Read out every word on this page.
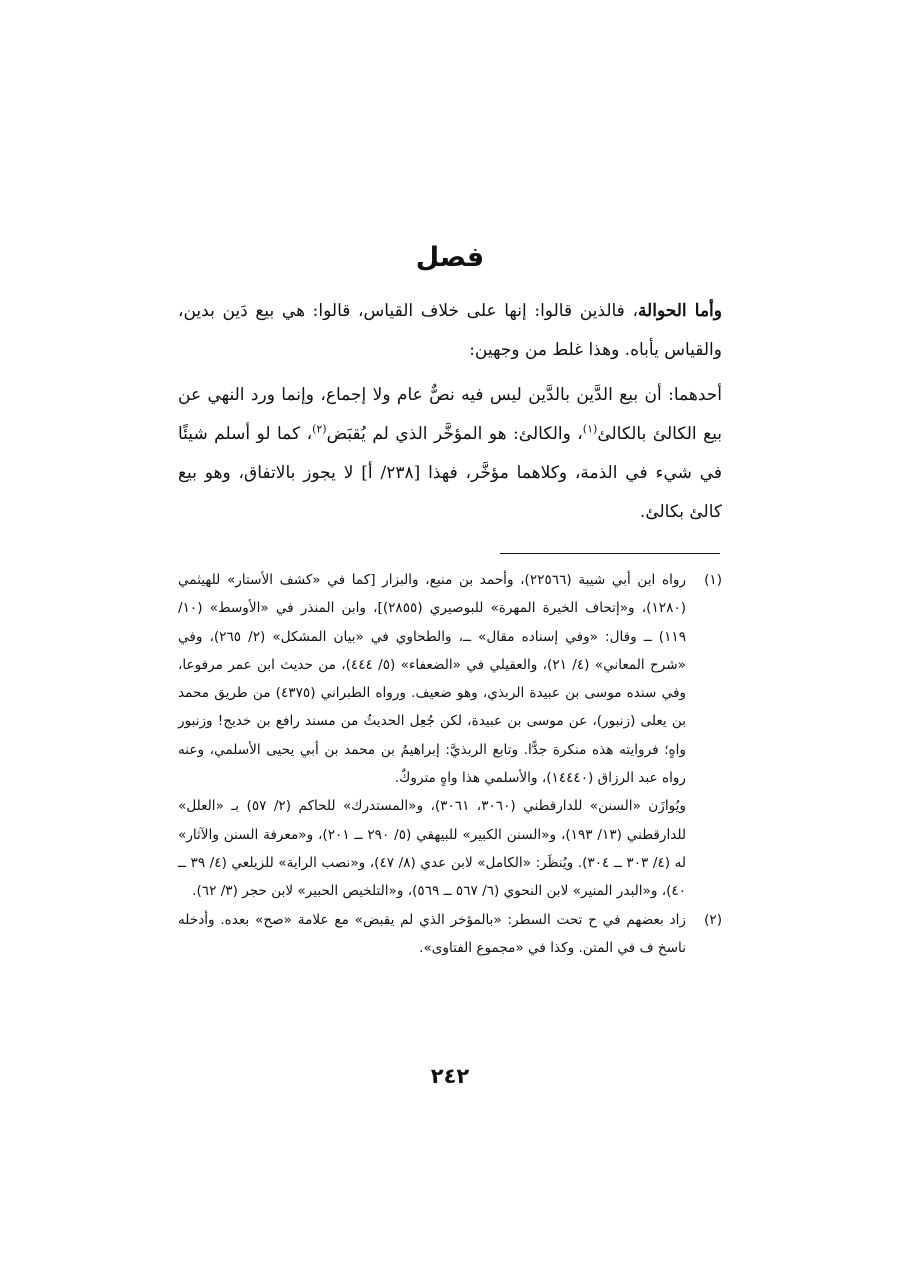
فصل

وأما الحوالة، فالذين قالوا: إنها على خلاف القياس، قالوا: هي بيع دَين بدين، والقياس يأباه. وهذا غلط من وجهين:

أحدهما: أن بيع الدَّين بالدَّين ليس فيه نصٌّ عام ولا إجماع، وإنما ورد النهي عن بيع الكالئ بالكالئ$^{(١)}$، والكالئ: هو المؤخَّر الذي لم يُقبَض$^{(٢)}$، كما لو أسلم شيئًا في شيء في الذمة، وكلاهما مؤخَّر، فهذا [٢٣٨/ أ] لا يجوز بالاتفاق، وهو بيع كالئ بكالئ.

(١)

رواه ابن أبي شيبة (٢٢٥٦٦)، وأحمد بن منيع، والبزار [كما في «كشف الأستار» للهيثمي (١٢٨٠)، و«إتحاف الخيرة المهرة» للبوصيري (٢٨٥٥)]، وابن المنذر في «الأوسط» (١٠/ ١١٩) ــ وقال: «وفي إسناده مقال» ــ، والطحاوي في «بيان المشكل» (٢/ ٢٦٥)، وفي «شرح المعاني» (٤/ ٢١)، والعقيلي في «الضعفاء» (٥/ ٤٤٤)، من حديث ابن عمر مرفوعا، وفي سنده موسى بن عبيدة الربذي، وهو ضعيف. ورواه الطبراني (٤٣٧٥) من طريق محمد بن يعلى (زنبور)، عن موسى بن عبيدة، لكن جُعِل الحديثُ من مسند رافع بن خديج! وزنبور واهٍ؛ فروايته هذه منكرة جدًّا. وتابع الربذيَّ: إبراهيمُ بن محمد بن أبي يحيى الأسلمي، وعنه رواه عبد الرزاق (١٤٤٤٠)، والأسلمي هذا واهٍ متروكٌ.

ويُوازَن «السنن» للدارقطني (٣٠٦٠، ٣٠٦١)، و«المستدرك» للحاكم (٢/ ٥٧) بـ «العلل» للدارقطني (١٣/ ١٩٣)، و«السنن الكبير» للبيهقي (٥/ ٢٩٠ ــ ٢٠١)، و«معرفة السنن والآثار» له (٤/ ٣٠٣ ــ ٣٠٤). ويُنظَر: «الكامل» لابن عدي (٨/ ٤٧)، و«نصب الراية» للزيلعي (٤/ ٣٩ ــ ٤٠)، و«البدر المنير» لابن النحوي (٦/ ٥٦٧ ــ ٥٦٩)، و«التلخيص الحبير» لابن حجر (٣/ ٦٢).

(٢)

زاد بعضهم في ح تحت السطر: «بالمؤخر الذي لم يقبض» مع علامة «صح» بعده. وأدخله ناسخ ف في المتن. وكذا في «مجموع الفتاوى».

٢٤٢
